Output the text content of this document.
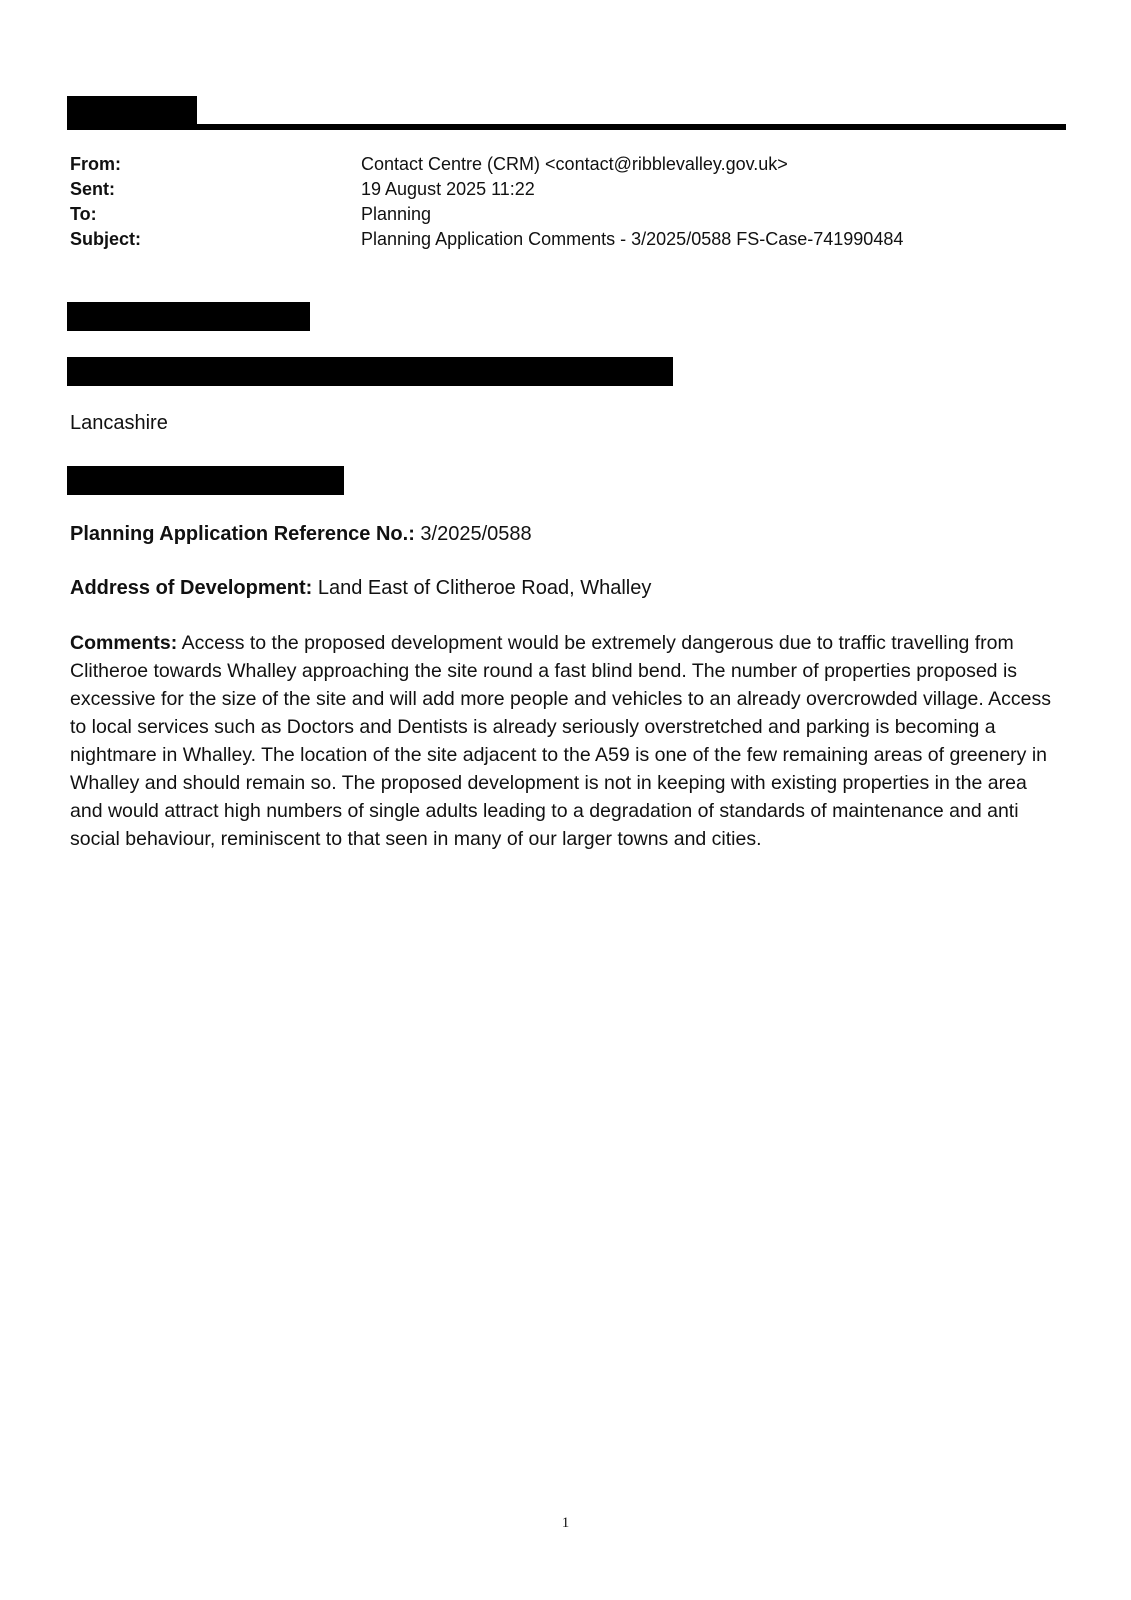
From:	Contact Centre (CRM) <contact@ribblevalley.gov.uk>
Sent:	19 August 2025 11:22
To:	Planning
Subject:	Planning Application Comments - 3/2025/0588 FS-Case-741990484
Lancashire
Planning Application Reference No.: 3/2025/0588
Address of Development: Land East of Clitheroe Road, Whalley
Comments: Access to the proposed development would be extremely dangerous due to traffic travelling from Clitheroe towards Whalley approaching the site round a fast blind bend. The number of properties proposed is excessive for the size of the site and will add more people and vehicles to an already overcrowded village. Access to local services such as Doctors and Dentists is already seriously overstretched and parking is becoming a nightmare in Whalley. The location of the site adjacent to the A59 is one of the few remaining areas of greenery in Whalley and should remain so. The proposed development is not in keeping with existing properties in the area and would attract high numbers of single adults leading to a degradation of standards of maintenance and anti social behaviour, reminiscent to that seen in many of our larger towns and cities.
1
